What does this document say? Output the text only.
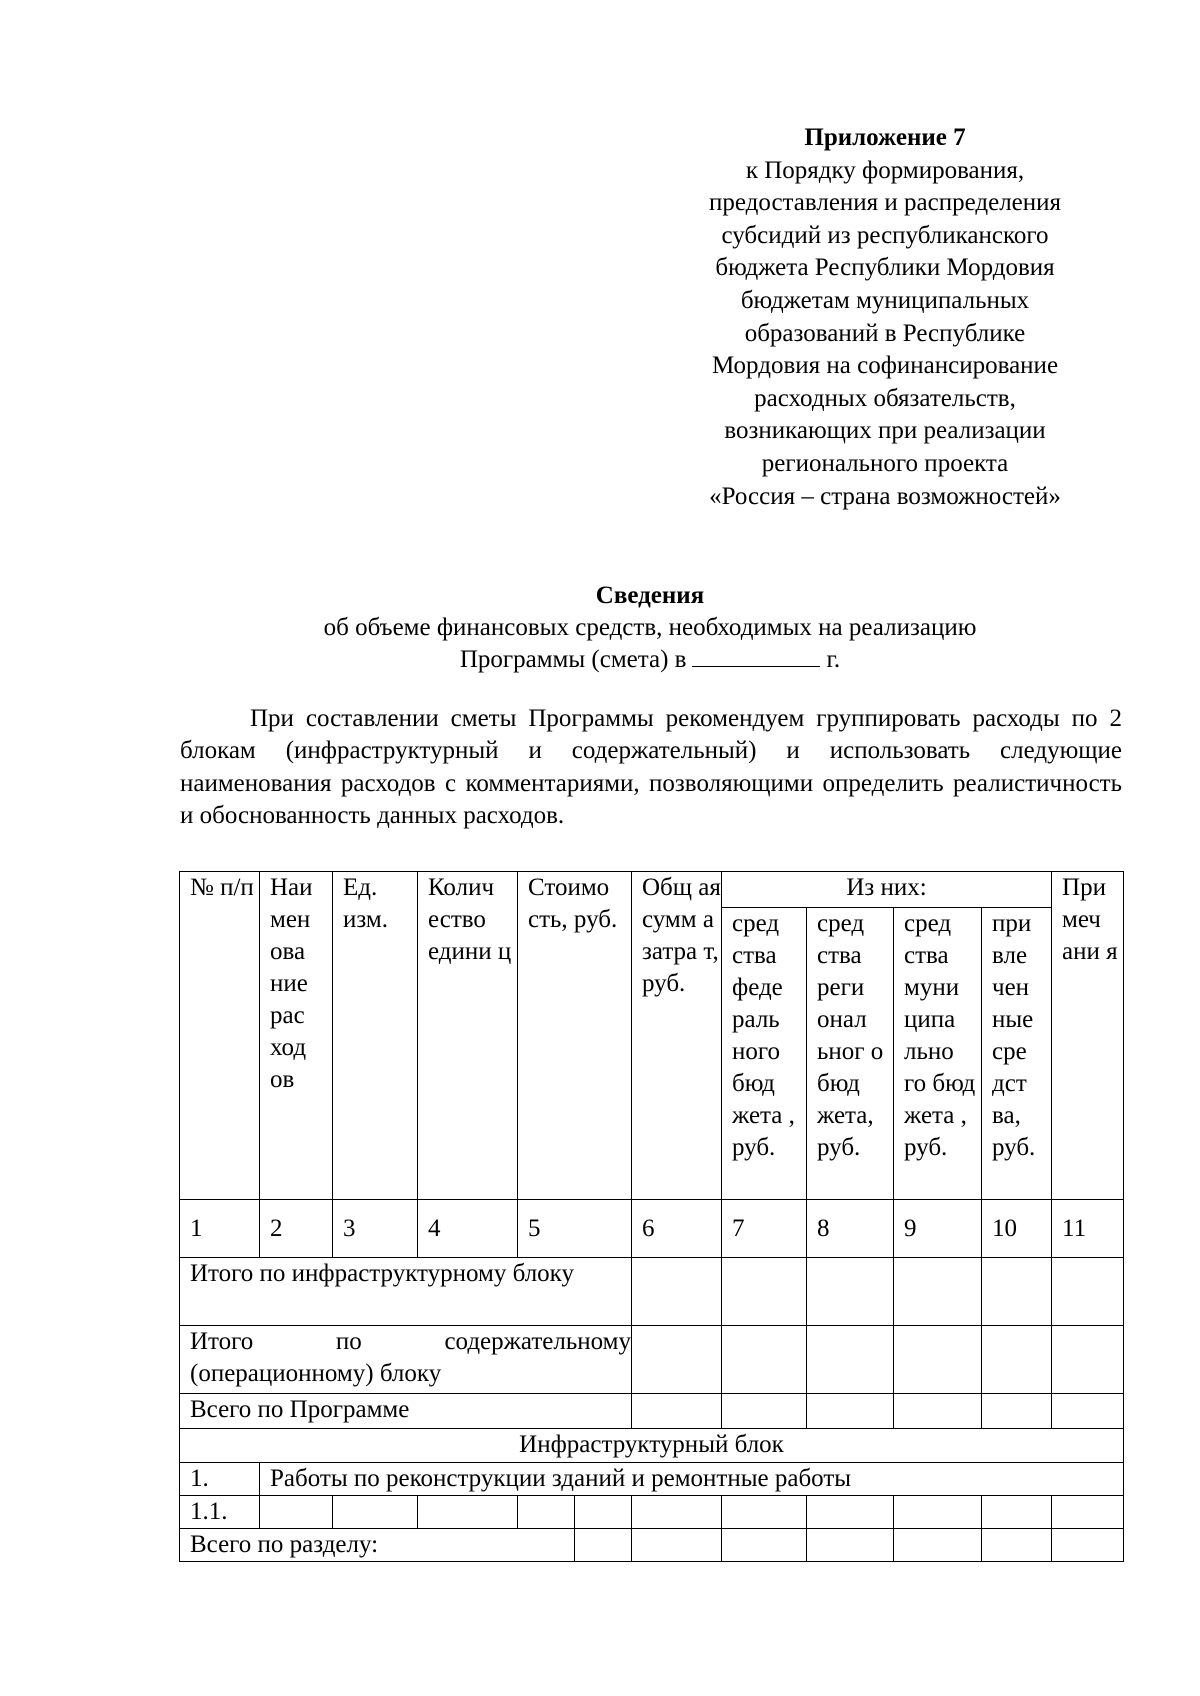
Приложение 7
к Порядку формирования,
предоставления и распределения
субсидий из республиканского
бюджета Республики Мордовия
бюджетам муниципальных
образований в Республике
Мордовия на софинансирование
расходных обязательств,
возникающих при реализации
регионального проекта
«Россия – страна возможностей»
Сведения
об объеме финансовых средств, необходимых на реализацию
Программы (смета) в	г.
При составлении сметы Программы рекомендуем группировать расходы по 2 блокам (инфраструктурный и содержательный) и использовать следующие наименования расходов с комментариями, позволяющими определить реалистичность и обоснованность данных расходов.
№ п/п	Наи мен ова ние рас ход ов	Ед. изм.	Колич ество едини ц	Стоимо сть, руб.		Общ ая сумм а затра т, руб.	Из них:				При меч ани я
							сред ства феде раль ного бюд жета , руб.	сред ства реги онал ьног о бюд жета, руб.	сред ства муни ципа льно го бюд жета , руб.	при вле чен ные сре дст ва, руб.	
1	2	3	4	5		6	7	8	9	10	11
Итого по инфраструктурному блоку											
Итого по содержательному (операционному) блоку											
Всего по Программе											
Инфраструктурный блок											
1.	Работы по реконструкции зданий и ремонтные работы										
1.1.											
Всего по разделу:											
